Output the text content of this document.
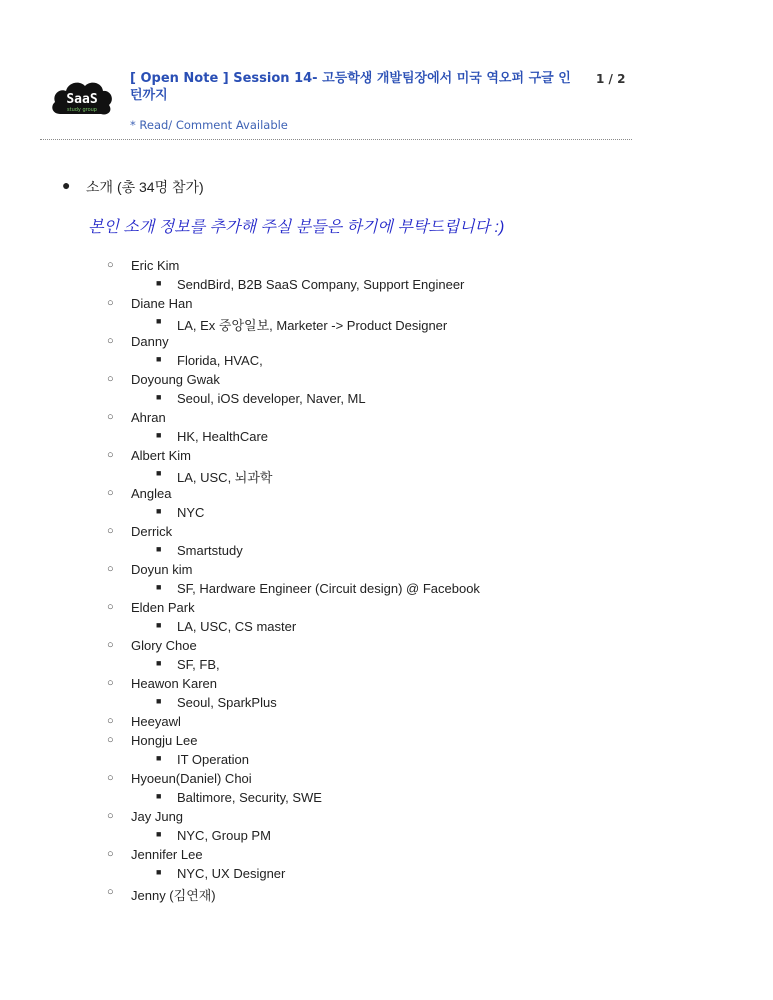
SaaS
study group
[ Open Note ] Session 14- 고등학생 개발팀장에서 미국 역오퍼 구글 인턴까지
1 / 2
* Read/ Comment Available
● 소개 (총 34명 참가)
본인 소개 정보를 추가해 주실 분들은 하기에 부탁드립니다 :)
○ Eric Kim
■ SendBird, B2B SaaS Company, Support Engineer
○ Diane Han
■ LA, Ex 중앙일보, Marketer -> Product Designer
○ Danny
■ Florida, HVAC,
○ Doyoung Gwak
■ Seoul, iOS developer, Naver, ML
○ Ahran
■ HK, HealthCare
○ Albert Kim
■ LA, USC, 뇌과학
○ Anglea
■ NYC
○ Derrick
■ Smartstudy
○ Doyun kim
■ SF, Hardware Engineer (Circuit design) @ Facebook
○ Elden Park
■ LA, USC, CS master
○ Glory Choe
■ SF, FB,
○ Heawon Karen
■ Seoul, SparkPlus
○ Heeyawl
○ Hongju Lee
■ IT Operation
○ Hyoeun(Daniel) Choi
■ Baltimore, Security, SWE
○ Jay Jung
■ NYC, Group PM
○ Jennifer Lee
■ NYC, UX Designer
○ Jenny (김연재)
